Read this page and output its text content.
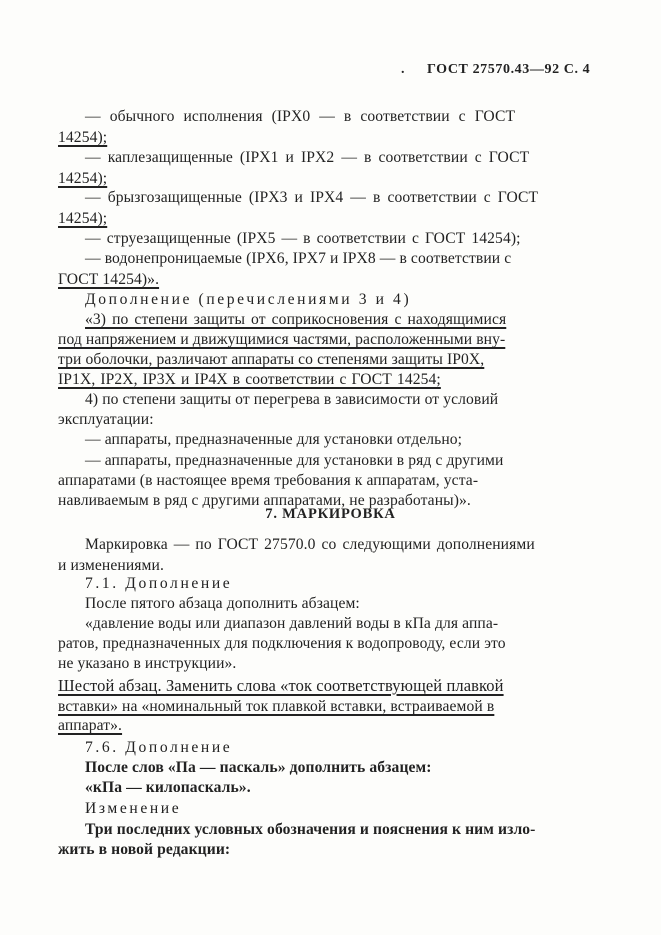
. ГОСТ 27570.43—92 С. 4
— обычного исполнения (IPX0 — в соответствии с ГОСТ
14254);
— каплезащищенные (IPX1 и IPX2 — в соответствии с ГОСТ
14254);
— брызгозащищенные (IPX3 и IPX4 — в соответствии с ГОСТ
14254);
— струезащищенные (IPX5 — в соответствии с ГОСТ 14254);
— водонепроницаемые (IPX6, IPX7 и IPX8 — в соответствии с
ГОСТ 14254)».
Дополнение (перечислениями 3 и 4)
«3) по степени защиты от соприкосновения с находящимися
под напряжением и движущимися частями, расположенными вну-
три оболочки, различают аппараты со степенями защиты IP0X,
IP1X, IP2X, IP3X и IP4X в соответствии с ГОСТ 14254;
4) по степени защиты от перегрева в зависимости от условий
эксплуатации:
— аппараты, предназначенные для установки отдельно;
— аппараты, предназначенные для установки в ряд с другими
аппаратами (в настоящее время требования к аппаратам, уста-
навливаемым в ряд с другими аппаратами, не разработаны)».
7. МАРКИРОВКА
Маркировка — по ГОСТ 27570.0 со следующими дополнениями
и изменениями.
7.1. Дополнение
После пятого абзаца дополнить абзацем:
«давление воды или диапазон давлений воды в кПа для аппа-
ратов, предназначенных для подключения к водопроводу, если это
не указано в инструкции».
Шестой абзац. Заменить слова «ток соответствующей плавкой
вставки» на «номинальный ток плавкой вставки, встраиваемой в
аппарат».
7.6. Дополнение
После слов «Па — паскаль» дополнить абзацем:
«кПа — килопаскаль».
Изменение
Три последних условных обозначения и пояснения к ним изло-
жить в новой редакции:
